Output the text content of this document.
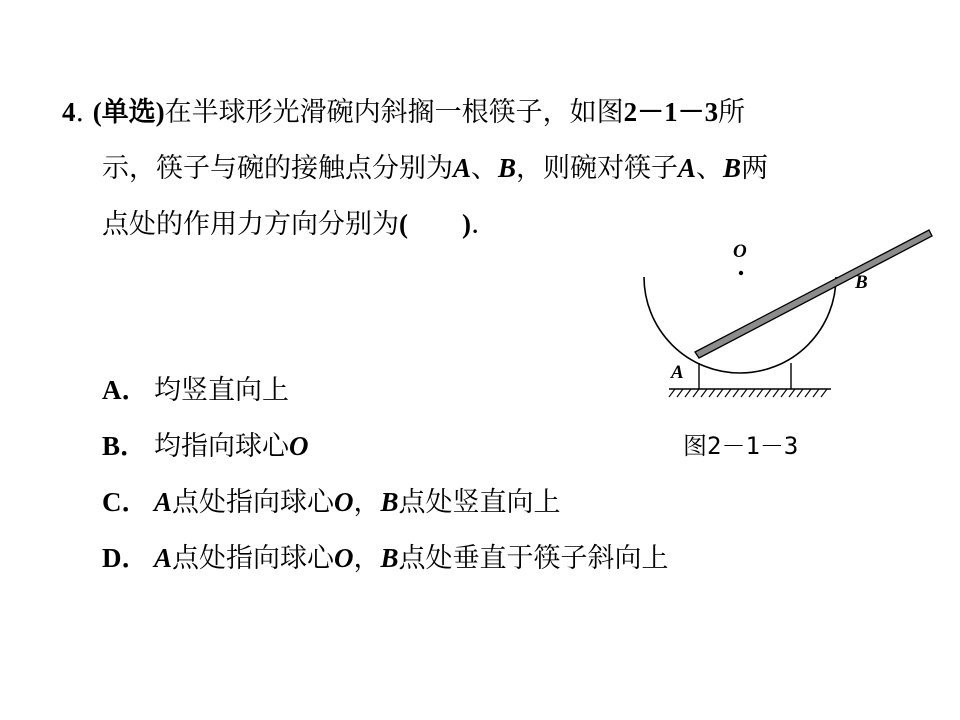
4. (单选)在半球形光滑碗内斜搁一根筷子，如图2－1－3所
示，筷子与碗的接触点分别为A、B，则碗对筷子A、B两
点处的作用力方向分别为(　　)．
A． 均竖直向上
B． 均指向球心O
C． A点处指向球心O，B点处竖直向上
D． A点处指向球心O，B点处垂直于筷子斜向上
O
A
B
图2－1－3
